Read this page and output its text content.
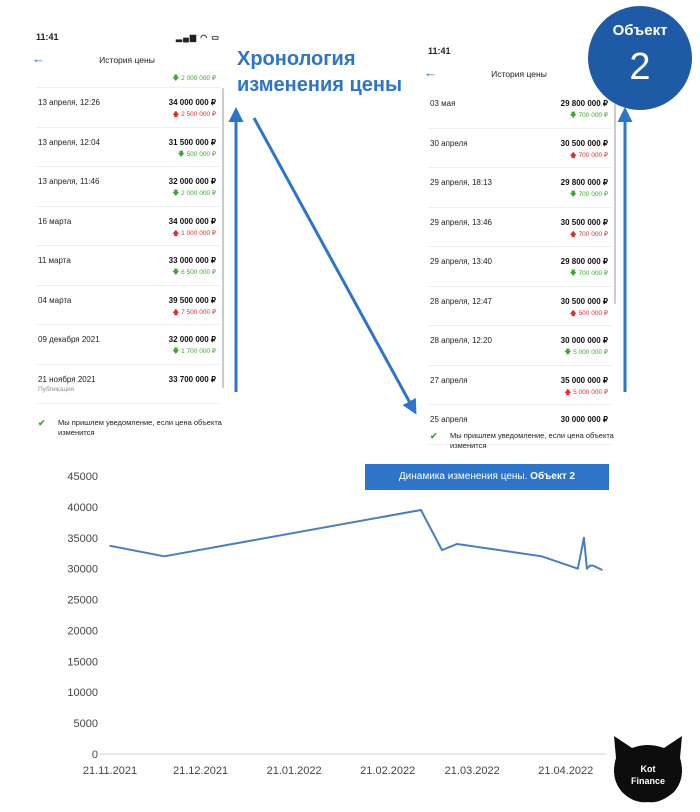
11:41	▂▄▆ ◠ ▭
←	История цены
🡇 2 000 000 ₽
13 апреля, 12:26	34 000 000 ₽
🡅 2 500 000 ₽
13 апреля, 12:04	31 500 000 ₽
🡇 500 000 ₽
13 апреля, 11:46	32 000 000 ₽
🡇 2 000 000 ₽
16 марта	34 000 000 ₽
🡅 1 000 000 ₽
11 марта	33 000 000 ₽
🡇 6 500 000 ₽
04 марта	39 500 000 ₽
🡅 7 500 000 ₽
09 декабря 2021	32 000 000 ₽
🡇 1 700 000 ₽
21 ноября 2021	33 700 000 ₽
Публикация
✔	Мы пришлем уведомление, если цена объекта изменится
11:41
←	История цены
03 мая	29 800 000 ₽
🡇 700 000 ₽
30 апреля	30 500 000 ₽
🡅 700 000 ₽
29 апреля, 18:13	29 800 000 ₽
🡇 700 000 ₽
29 апреля, 13:46	30 500 000 ₽
🡅 700 000 ₽
29 апреля, 13:40	29 800 000 ₽
🡇 700 000 ₽
28 апреля, 12:47	30 500 000 ₽
🡅 500 000 ₽
28 апреля, 12:20	30 000 000 ₽
🡇 5 000 000 ₽
27 апреля	35 000 000 ₽
🡅 5 000 000 ₽
25 апреля	30 000 000 ₽
✔	Мы пришлем уведомление, если цена объекта изменится
Хронология
изменения цены
Объект
2
Динамика изменения цены. Объект 2
0
5000
10000
15000
20000
25000
30000
35000
40000
45000
21.11.2021	21.12.2021	21.01.2022	21.02.2022	21.03.2022	21.04.2022	Kot
Finance
